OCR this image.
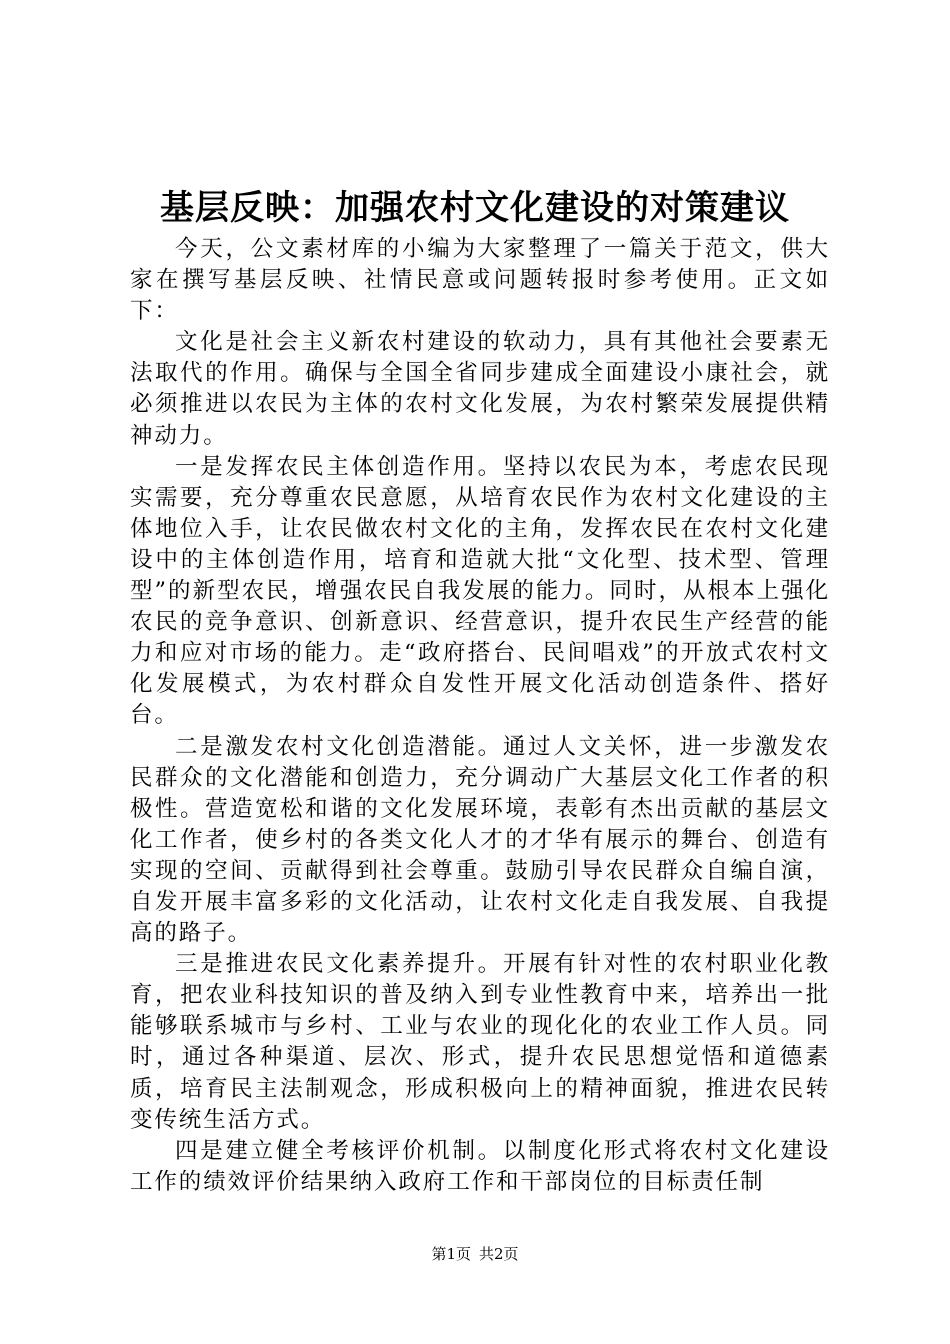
基层反映：加强农村文化建设的对策建议

今天，公文素材库的小编为大家整理了一篇关于范文，供大家在撰写基层反映、社情民意或问题转报时参考使用。正文如下：

文化是社会主义新农村建设的软动力，具有其他社会要素无法取代的作用。确保与全国全省同步建成全面建设小康社会，就必须推进以农民为主体的农村文化发展，为农村繁荣发展提供精神动力。

一是发挥农民主体创造作用。坚持以农民为本，考虑农民现实需要，充分尊重农民意愿，从培育农民作为农村文化建设的主体地位入手，让农民做农村文化的主角，发挥农民在农村文化建设中的主体创造作用，培育和造就大批“文化型、技术型、管理型”的新型农民，增强农民自我发展的能力。同时，从根本上强化农民的竞争意识、创新意识、经营意识，提升农民生产经营的能力和应对市场的能力。走“政府搭台、民间唱戏”的开放式农村文化发展模式，为农村群众自发性开展文化活动创造条件、搭好台。

二是激发农村文化创造潜能。通过人文关怀，进一步激发农民群众的文化潜能和创造力，充分调动广大基层文化工作者的积极性。营造宽松和谐的文化发展环境，表彰有杰出贡献的基层文化工作者，使乡村的各类文化人才的才华有展示的舞台、创造有实现的空间、贡献得到社会尊重。鼓励引导农民群众自编自演，自发开展丰富多彩的文化活动，让农村文化走自我发展、自我提高的路子。

三是推进农民文化素养提升。开展有针对性的农村职业化教育，把农业科技知识的普及纳入到专业性教育中来，培养出一批能够联系城市与乡村、工业与农业的现化化的农业工作人员。同时，通过各种渠道、层次、形式，提升农民思想觉悟和道德素质，培育民主法制观念，形成积极向上的精神面貌，推进农民转变传统生活方式。

四是建立健全考核评价机制。以制度化形式将农村文化建设工作的绩效评价结果纳入政府工作和干部岗位的目标责任制

第1页 共2页
